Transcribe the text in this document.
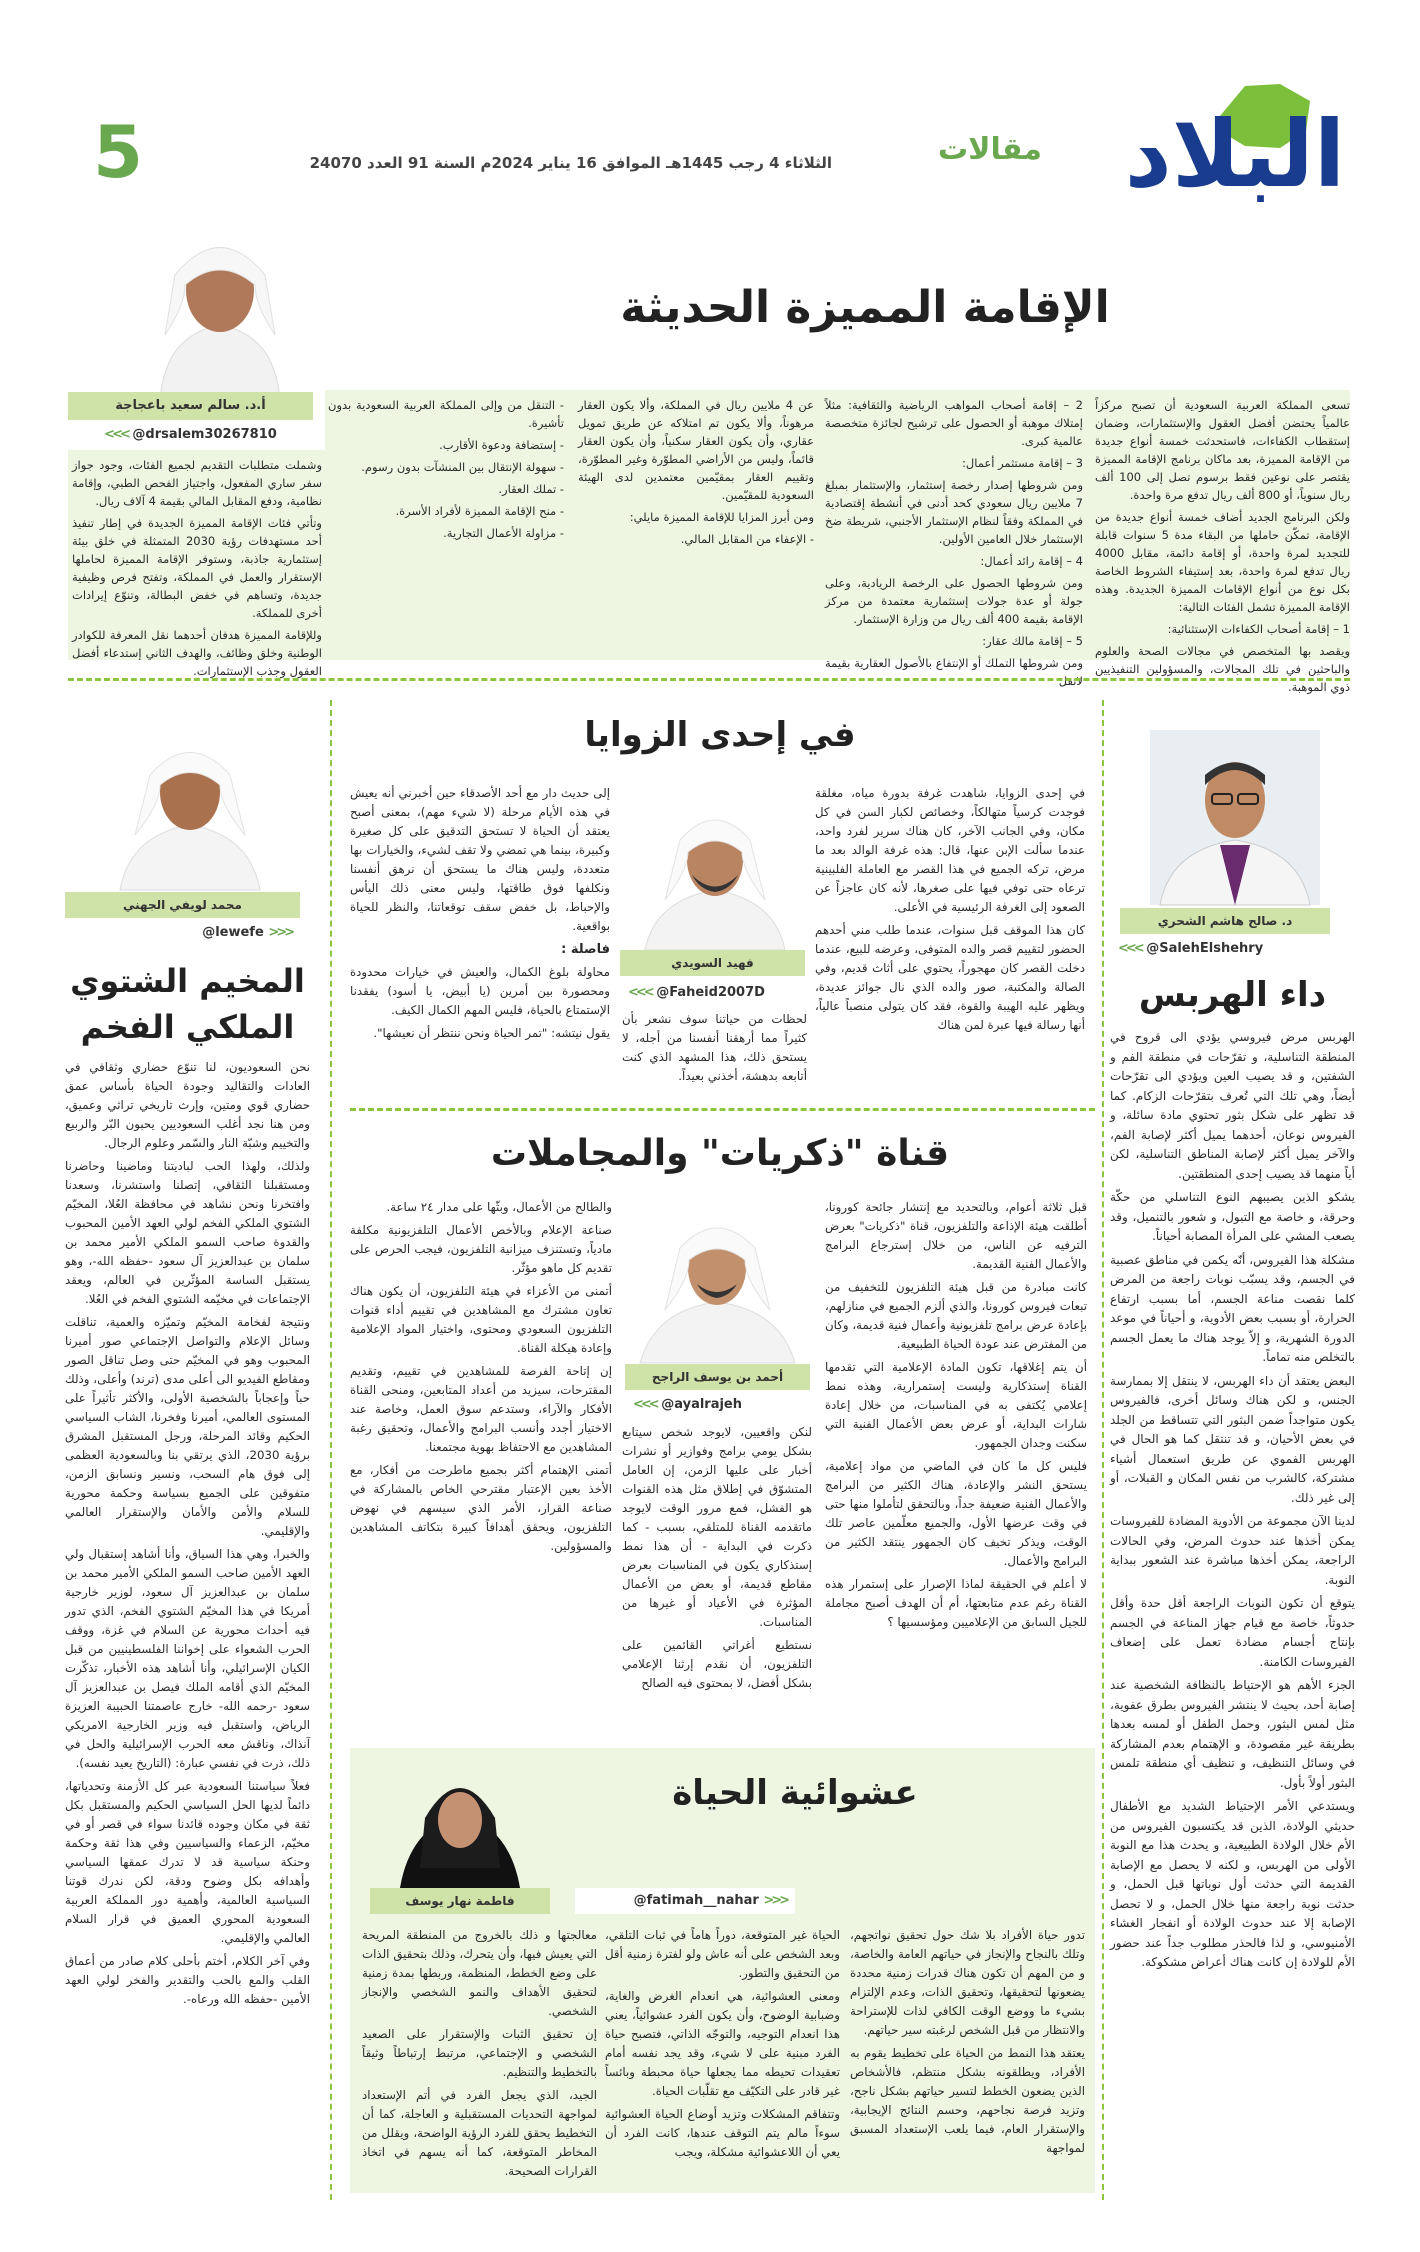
البلاد
مقالات
الثلاثاء 4 رجب 1445هـ الموافق 16 يناير 2024م السنة 91 العدد 24070
5
الإقامة المميزة الحديثة
أ.د. سالم سعيد باعجاجة
<<< @drsalem30267810

تسعى المملكة العربية السعودية أن تصبح مركزاً عالمياً يحتضن أفضل العقول والإستثمارات، وضمان إستقطاب الكفاءات، فاستحدثت خمسة أنواع جديدة من الإقامة المميزة، بعد ماكان برنامج الإقامة المميزة يقتصر على نوعين فقط برسوم تصل إلى 100 ألف ريال سنوياً، أو 800 ألف ريال تدفع مرة واحدة.

ولكن البرنامج الجديد أضاف خمسة أنواع جديدة من الإقامة، تمكّن حاملها من البقاء مدة 5 سنوات قابلة للتجديد لمرة واحدة، أو إقامة دائمة، مقابل 4000 ريال تدفع لمرة واحدة، بعد إستيفاء الشروط الخاصة بكل نوع من أنواع الإقامات المميزة الجديدة. وهذه الإقامة المميزة تشمل الفئات التالية:

1 – إقامة أصحاب الكفاءات الإستثنائية:

ويقصد بها المتخصص في مجالات الصحة والعلوم والباحثين في تلك المجالات، والمسؤولين التنفيذيين ذوي الموهبة.

2 – إقامة أصحاب المواهب الرياضية والثقافية: مثلاً إمتلاك موهبة أو الحصول على ترشيح لجائزة متخصصة عالمية كبرى.

3 – إقامة مستثمر أعمال:

ومن شروطها إصدار رخصة إستثمار، والإستثمار بمبلغ 7 ملايين ريال سعودي كحد أدنى في أنشطة إقتصادية في المملكة وفقاً لنظام الإستثمار الأجنبي، شريطة ضخ الإستثمار خلال العامين الأولين.

4 – إقامة رائد أعمال:

ومن شروطها الحصول على الرخصة الريادية، وعلى جولة أو عدة جولات إستثمارية معتمدة من مركز الإقامة بقيمة 400 ألف ريال من وزارة الإستثمار.

5 – إقامة مالك عقار:

ومن شروطها التملك أو الإنتفاع بالأصول العقارية بقيمة لاتقل

عن 4 ملايين ريال في المملكة، وألا يكون العقار مرهوناً، وألا يكون تم امتلاكه عن طريق تمويل عقاري، وأن يكون العقار سكنياً، وأن يكون العقار قائماً، وليس من الأراضي المطوّرة وغير المطوّرة، وتقييم العقار بمقيّمين معتمدين لدى الهيئة السعودية للمقيّمين.

ومن أبرز المزايا للإقامة المميزة مايلي:

- الإعفاء من المقابل المالي.

- التنقل من وإلى المملكة العربية السعودية بدون تأشيرة.

- إستضافة ودعوة الأقارب.

- سهولة الإنتقال بين المنشآت بدون رسوم.

- تملك العقار.

- منح الإقامة المميزة لأفراد الأسرة.

- مزاولة الأعمال التجارية.

وشملت متطلبات التقديم لجميع الفئات، وجود جواز سفر ساري المفعول، واجتياز الفحص الطبي، وإقامة نظامية، ودفع المقابل المالي بقيمة 4 آلاف ريال.

وتأتي فئات الإقامة المميزة الجديدة في إطار تنفيذ أحد مستهدفات رؤية 2030 المتمثلة في خلق بيئة إستثمارية جاذبة، وستوفر الإقامة المميزة لحاملها الإستقرار والعمل في المملكة، وتفتح فرص وظيفية جديدة، وتساهم في خفض البطالة، وتنوّع إيرادات أخرى للمملكة.

وللإقامة المميزة هدفان أحدهما نقل المعرفة للكوادر الوطنية وخلق وظائف، والهدف الثاني إستدعاء أفضل العقول وجذب الإستثمارات.

د. صالح هاشم الشحري
<<< @SalehElshehry
داء الهربس

الهربس مرض فيروسي يؤدي الى قروح في المنطقة التناسلية، و تقرّحات في منطقة الفم و الشفتين، و قد يصيب العين ويؤدي الى تقرّحات أيضاً، وهي تلك التي تُعرف بتقرّحات الزكام. كما قد تظهر على شكل بثور تحتوي مادة سائلة، و الفيروس نوعان، أحدهما يميل أكثر لإصابة الفم، والآخر يميل أكثر لإصابة المناطق التناسلية، لكن أياً منهما قد يصيب إحدى المنطقتين.

يشكو الذين يصيبهم النوع التناسلي من حكّة وحرقة، و خاصة مع التبول، و شعور بالتنميل، وقد يصعب المشي على المرأة المصابة أحياناً.

مشكلة هذا الفيروس، أنّه يكمن في مناطق عصبية في الجسم، وقد يسبّب نوبات راجعة من المرض كلما نقصت مناعة الجسم، أما بسبب ارتفاع الحرارة، أو بسبب بعض الأدوية، و أحياناً في موعد الدورة الشهرية، و إلاّ يوجد هناك ما يعمل الجسم بالتخلص منه تماماً.

البعض يعتقد أن داء الهربس، لا ينتقل إلا بممارسة الجنس، و لكن هناك وسائل أخرى، فالفيروس يكون متواجداً ضمن البثور التي تتساقط من الجلد في بعض الأحيان، و قد تنتقل كما هو الحال في الهربس الفموي عن طريق استعمال أشياء مشتركة، كالشرب من نفس المكان و القبلات، أو إلى غير ذلك.

لدينا الآن مجموعة من الأدوية المضادة للفيروسات يمكن أخذها عند حدوث المرض، وفي الحالات الراجعة، يمكن أخذها مباشرة عند الشعور ببداية النوبة.

يتوقع أن تكون النوبات الراجعة أقل حدة وأقل حدوثاً، خاصة مع قيام جهاز المناعة في الجسم بإنتاج أجسام مضادة تعمل على إضعاف الفيروسات الكامنة.

الجزء الأهم هو الإحتياط بالنظافة الشخصية عند إصابة أحد، بحيث لا ينتشر الفيروس بطرق عفوية، مثل لمس البثور، وحمل الطفل أو لمسه بعدها بطريقة غير مقصودة، و الإهتمام بعدم المشاركة في وسائل التنظيف، و تنظيف أي منطقة تلمس البثور أولاً بأول.

ويستدعي الأمر الإحتياط الشديد مع الأطفال حديثي الولادة، الذين قد يكتسبون الفيروس من الأم خلال الولادة الطبيعية، و يحدث هذا مع النوبة الأولى من الهربس، و لكنه لا يحصل مع الإصابة القديمة التي حدثت أول نوباتها قبل الحمل، و حدثت نوبة راجعة منها خلال الحمل، و لا تحصل الإصابة إلا عند حدوث الولادة أو انفجار الغشاء الأمنيوسي، و لذا فالحذر مطلوب جداً عند حضور الأم للولادة إن كانت هناك أعراض مشكوكة.

محمد لويفي الجهني
@lewefe >>>
المخيم الشتوي الملكي الفخم

نحن السعوديون، لنا تنوّع حضاري وثقافي في العادات والتقاليد وجودة الحياة بأساس عمق حضاري قوي ومتين، وإرث تاريخي تراثي وعميق، ومن هنا نجد أغلب السعوديين يحبون البّر والربيع والتخييم وشبّة النار والسّمر وعلوم الرجال.

ولذلك، ولهذا الحب لباديتنا وماضينا وحاضرنا ومستقبلنا الثقافي، إتصلنا واستشرنا، وسعدنا وافتخرنا ونحن نشاهد في محافظة العُلا، المخيّم الشتوي الملكي الفخم لولي العهد الأمين المحبوب والقدوة صاحب السمو الملكي الأمير محمد بن سلمان بن عبدالعزيز آل سعود -حفظه الله-، وهو يستقبل الساسة المؤثّرين في العالم، ويعقد الإجتماعات في مخيّمه الشتوي الفخم في العُلا.

ونتيجة لفخامة المخيّم وتميّزه والعمية، تناقلت وسائل الإعلام والتواصل الإجتماعي صور أميرنا المحبوب وهو في المخيّم حتى وصل تناقل الصور ومقاطع الفيديو الى أعلى مدى (ترند) وأعلى، وذلك حباً وإعجاباً بالشخصية الأولى، والأكثر تأثيراً على المستوى العالمي، أميرنا وفخرنا، الشاب السياسي الحكيم وقائد المرحلة، ورجل المستقبل المشرق برؤية 2030، الذي يرتقي بنا وبالسعودية العظمى إلى فوق هام السحب، ونسير ونسابق الزمن، متفوقين على الجميع بسياسة وحكمة محورية للسلام والأمن والأمان والإستقرار العالمي والإقليمي.

والخبرا، وهي هذا السياق، وأنا أشاهد إستقبال ولي العهد الأمين صاحب السمو الملكي الأمير محمد بن سلمان بن عبدالعزيز آل سعود، لوزير خارجية أمريكا في هذا المخيّم الشتوي الفخم، الذي تدور فيه أحداث محورية عن السلام في غزة، ووقف الحرب الشعواء على إخواننا الفلسطينيين من قبل الكيان الإسرائيلي، وأنا أشاهد هذه الأخبار، تذكّرت المخيّم الذي أقامه الملك فيصل بن عبدالعزيز آل سعود -رحمه الله- خارج عاصمتنا الحبيبة العزيزة الرياض، واستقبل فيه وزير الخارجية الامريكي آنذاك، وناقش معه الحرب الإسرائيلية والحل في ذلك، ذرت في نفسي عبارة: (التاريخ يعيد نفسه).

فعلاً سياستنا السعودية عبر كل الأزمنة وتحدياتها، دائماً لديها الحل السياسي الحكيم والمستقبل بكل ثقة في مكان وجوده قائدنا سواء في قصر أو في مخيّم، الزعماء والسياسيين وفي هذا ثقة وحكمة وحنكة سياسية قد لا تدرك عمقها السياسي وأهدافه بكل وضوح ودقة، لكن ندرك قوتنا السياسية العالمية، وأهمية دور المملكة العربية السعودية المحوري العميق في قرار السلام العالمي والإقليمي.

وفي آخر الكلام، أختم بأحلى كلام صادر من أعماق القلب والمع بالحب والتقدير والفخر لولي العهد الأمين -حفظه الله ورعاه-.

في إحدى الزوايا
فهيد السويدي
<<< @Faheid2007D

في إحدى الزوايا، شاهدت غرفة بدورة مياه، مغلقة فوجدت كرسياً متهالكاً، وخصائص لكبار السن في كل مكان، وفي الجانب الآخر، كان هناك سرير لفرد واحد، عندما سألت الإبن عنها، قال: هذه غرفة الوالد بعد ما مرض، تركه الجميع في هذا القصر مع العاملة الفلبينية ترعاه حتى توفي فيها على صغرها، لأنه كان عاجزاً عن الصعود إلى الغرفة الرئيسية في الأعلى.

كان هذا الموقف قبل سنوات، عندما طلب مني أحدهم الحضور لتقييم قصر والده المتوفى، وعرضه للبيع، عندما دخلت القصر كان مهجوراً، يحتوي على أثاث قديم، وفي الصالة والمكتبة، صور والده الذي نال جوائز عديدة، ويظهر عليه الهيبة والقوة، فقد كان يتولى منصباً عالياً، أنها رسالة فيها عبرة لمن هناك

لحظات من حياتنا سوف نشعر بأن كثيراً مما أرهقنا أنفسنا من أجله، لا يستحق ذلك، هذا المشهد الذي كنت أتابعه بدهشة، أخذني بعيداً.

إلى حديث دار مع أحد الأصدقاء حين أخبرني أنه يعيش في هذه الأيام مرحلة (لا شيء مهم)، بمعنى أصبح يعتقد أن الحياة لا تستحق التدقيق على كل صغيرة وكبيرة، بينما هي تمضي ولا تقف لشيء، والخيارات بها متعددة، وليس هناك ما يستحق أن نرهق أنفسنا ونكلفها فوق طاقتها، وليس معنى ذلك اليأس والإحباط، بل خفض سقف توقعاتنا، والنظر للحياة بواقعية.

فاصلة :

محاولة بلوغ الكمال، والعيش في خيارات محدودة ومحصورة بين أمرين (يا أبيض، يا أسود) يفقدنا الإستمتاع بالحياة، فليس المهم الكمال الكيف.

يقول نيتشه: "تمر الحياة ونحن ننتظر أن نعيشها".

قناة "ذكريات" والمجاملات
أحمد بن يوسف الراجح
<<< @ayalrajeh

قبل ثلاثة أعوام، وبالتحديد مع إنتشار جائحة كورونا، أطلقت هيئة الإذاعة والتلفزيون، قناة "ذكريات" بعرض الترفيه عن الناس، من خلال إسترجاع البرامج والأعمال الفنية القديمة.

كانت مبادرة من قبل هيئة التلفزيون للتخفيف من تبعات فيروس كورونا، والذي ألزم الجميع في منازلهم، بإعادة عرض برامج تلفزيونية وأعمال فنية قديمة، وكان من المفترض عند عودة الحياة الطبيعية.

أن يتم إغلاقها، تكون المادة الإعلامية التي تقدمها القناة إستذكارية وليست إستمرارية، وهذه نمط إعلامي يُكتفى به في المناسبات، من خلال إعادة شارات البداية، أو عرض بعض الأعمال الفنية التي سكنت وجدان الجمهور.

فليس كل ما كان في الماضي من مواد إعلامية، يستحق النشر والإعادة، هناك الكثير من البرامج والأعمال الفنية ضعيفة جداً، وبالتحقق لتأملوا منها حتى في وقت عرضها الأول، والجميع معلّمين عاصر تلك الوقت، ويذكر تخيف كان الجمهور ينتقد الكثير من البرامج والأعمال.

لا أعلم في الحقيقة لماذا الإصرار على إستمرار هذه القناة رغم عدم متابعتها، أم أن الهدف أصبح مجاملة للجيل السابق من الإعلاميين ومؤسسيها ؟

لنكن واقعيين، لايوجد شخص سيتابع بشكل يومي برامج وفوازير أو نشرات أخبار على عليها الزمن، إن العامل المتشوّق في إطلاق مثل هذه القنوات هو الفشل، فمع مرور الوقت لايوجد ماتقدمه القناة للمتلقي، بسبب - كما ذكرت في البداية - أن هذا نمط إستذكاري يكون في المناسبات بعرض مقاطع قديمة، أو بعض من الأعمال المؤثرة في الأعياد أو غيرها من المناسبات.

نستطيع أغراتي القائمين على التلفزيون، أن نقدم إرثنا الإعلامي بشكل أفضل، لا بمحتوى فيه الصالح

والطالح من الأعمال، وبثّها على مدار ٢٤ ساعة.

صناعة الإعلام وبالأخص الأعمال التلفزيونية مكلفة مادياً، وتستنزف ميزانية التلفزيون، فيجب الحرص على تقديم كل ماهو مؤثّر.

أتمنى من الأعزاء في هيئة التلفزيون، أن يكون هناك تعاون مشترك مع المشاهدين في تقييم أداء قنوات التلفزيون السعودي ومحتوى، واختيار المواد الإعلامية وإعادة هيكلة القناة.

إن إتاحة الفرصة للمشاهدين في تقييم، وتقديم المقترحات، سيزيد من أعداد المتابعين، ومنحى القناة الأفكار والآراء، وستدعم سوق العمل، وخاصة عند الاختيار أجدد وأنسب البرامج والأعمال، وتحقيق رغبة المشاهدين مع الاحتفاظ بهوية مجتمعنا.

أتمنى الإهتمام أكثر بجميع ماطرحت من أفكار، مع الأخذ بعين الإعتبار مقترحي الخاص بالمشاركة في صناعة القرار، الأمر الذي سيسهم في نهوض التلفزيون، ويحقق أهدافاً كبيرة بتكاتف المشاهدين والمسؤولين.

عشوائية الحياة
فاطمة نهار يوسف	@fatimah__nahar >>>

تدور حياة الأفراد بلا شك حول تحقيق نواتجهم، وتلك بالنجاح والإنجاز في حياتهم العامة والخاصة، و من المهم أن تكون هناك قدرات زمنية محددة يضعونها لتحقيقها، وتحقيق الذات، وعدم الإلتزام بشيء ما ووضع الوقت الكافي لذات للإستراحة والانتظار من قبل الشخص لرغبته سير حياتهم.

يعتقد هذا النمط من الحياة على تخطيط يقوم به الأفراد، ويطلقونه بشكل منتظم، فالأشخاص الذين يضعون الخطط لتسير حياتهم بشكل ناجح، وتزيد فرصة نجاحهم، وحسم النتائج الإيجابية، والإستقرار العام، فيما يلعب الإستعداد المسبق لمواجهة

الحياة غير المتوقعة، دوراً هاماً في ثبات التلقي، وبعد الشخص على أنه عاش ولو لفترة زمنية أقل من التحقيق والتطور.

ومعنى العشوائية، هي انعدام الغرض والغاية، وضبابية الوضوح، وأن يكون الفرد عشوائياً، يعني هذا انعدام التوجيه، والتوجّه الذاتي، فتصبح حياة الفرد مبنية على لا شيء، وقد يجد نفسه أمام تعقيدات تحيطه مما يجعلها حياة محبطة وبائساً غير قادر على التكيّف مع تقلّبات الحياة.

وتتفاقم المشكلات وتزيد أوضاع الحياة العشوائية سوءاً مالم يتم التوقف عندها، كانت الفرد أن يعي أن اللاعشوائية مشكلة، ويجب

معالجتها و ذلك بالخروج من المنطقة المريحة التي يعيش فيها، وأن يتحرك، وذلك بتحقيق الذات على وضع الخطط، المنظمة، وربطها بمدة زمنية لتحقيق الأهداف والنمو الشخصي والإنجاز الشخصي.

إن تحقيق الثبات والإستقرار على الصعيد الشخصي و الإجتماعي، مرتبط إرتباطاً وثيقاً بالتخطيط والتنظيم.

الجيد، الذي يجعل الفرد في أتم الإستعداد لمواجهة التحديات المستقبلية و العاجلة، كما أن التخطيط يحقق للفرد الرؤية الواضحة، ويقلل من المخاطر المتوقعة، كما أنه يسهم في اتخاذ القرارات الصحيحة.
